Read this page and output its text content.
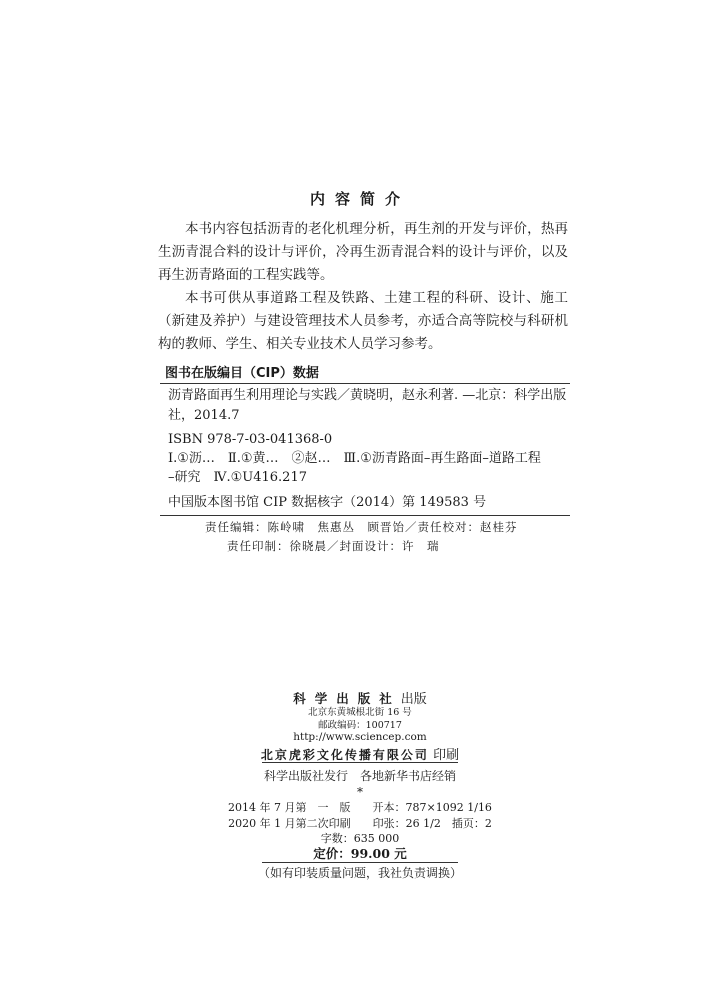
内容简介
本书内容包括沥青的老化机理分析，再生剂的开发与评价，热再生沥青混合料的设计与评价，冷再生沥青混合料的设计与评价，以及再生沥青路面的工程实践等。
本书可供从事道路工程及铁路、土建工程的科研、设计、施工（新建及养护）与建设管理技术人员参考，亦适合高等院校与科研机构的教师、学生、相关专业技术人员学习参考。
图书在版编目（CIP）数据
沥青路面再生利用理论与实践／黄晓明，赵永利著. —北京：科学出版
社，2014.7
ISBN 978-7-03-041368-0
Ⅰ.①沥…　Ⅱ.①黄…　②赵…　Ⅲ.①沥青路面–再生路面–道路工程
–研究　Ⅳ.①U416.217
中国版本图书馆 CIP 数据核字（2014）第 149583 号
责任编辑：陈岭啸　焦惠丛　顾晋饴／责任校对：赵桂芬
责任印制：徐晓晨／封面设计：许　瑞
科学出版社出版
北京东黄城根北街 16 号
邮政编码：100717
http://www.sciencep.com
北京虎彩文化传播有限公司 印刷
科学出版社发行　各地新华书店经销
*
2014 年 7 月第　一　版 开本：787×1092 1/16
2020 年 1 月第二次印刷 印张：26 1/2　插页：2
字数：635 000
定价：99.00 元
（如有印装质量问题，我社负责调换）
